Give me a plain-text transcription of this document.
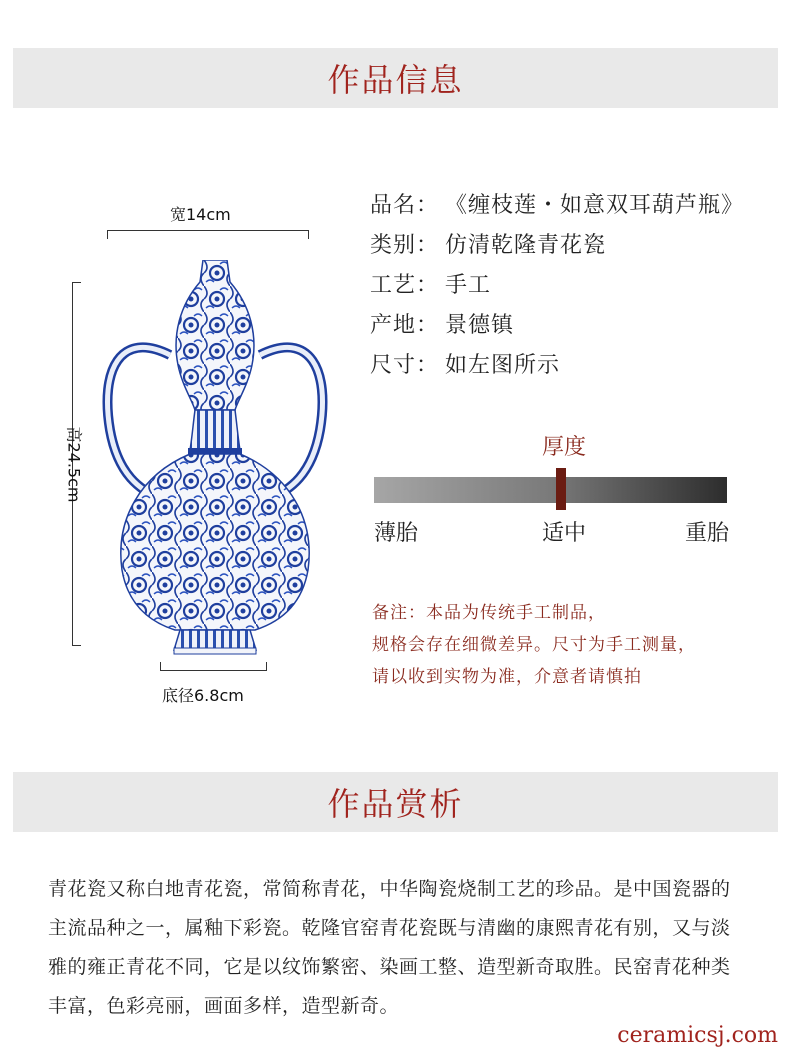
作品信息
宽14cm
高24.5cm
底径6.8cm
品名： 《缠枝莲・如意双耳葫芦瓶》
类别： 仿清乾隆青花瓷
工艺： 手工
产地： 景德镇
尺寸： 如左图所示
厚度
薄胎	适中	重胎
备注：本品为传统手工制品，
规格会存在细微差异。尺寸为手工测量，
请以收到实物为准，介意者请慎拍
作品赏析

青花瓷又称白地青花瓷，常简称青花，中华陶瓷烧制工艺的珍品。是中国瓷器的主流品种之一，属釉下彩瓷。乾隆官窑青花瓷既与清幽的康熙青花有别，又与淡雅的雍正青花不同，它是以纹饰繁密、染画工整、造型新奇取胜。民窑青花种类丰富，色彩亮丽，画面多样，造型新奇。

ceramicsj.com
